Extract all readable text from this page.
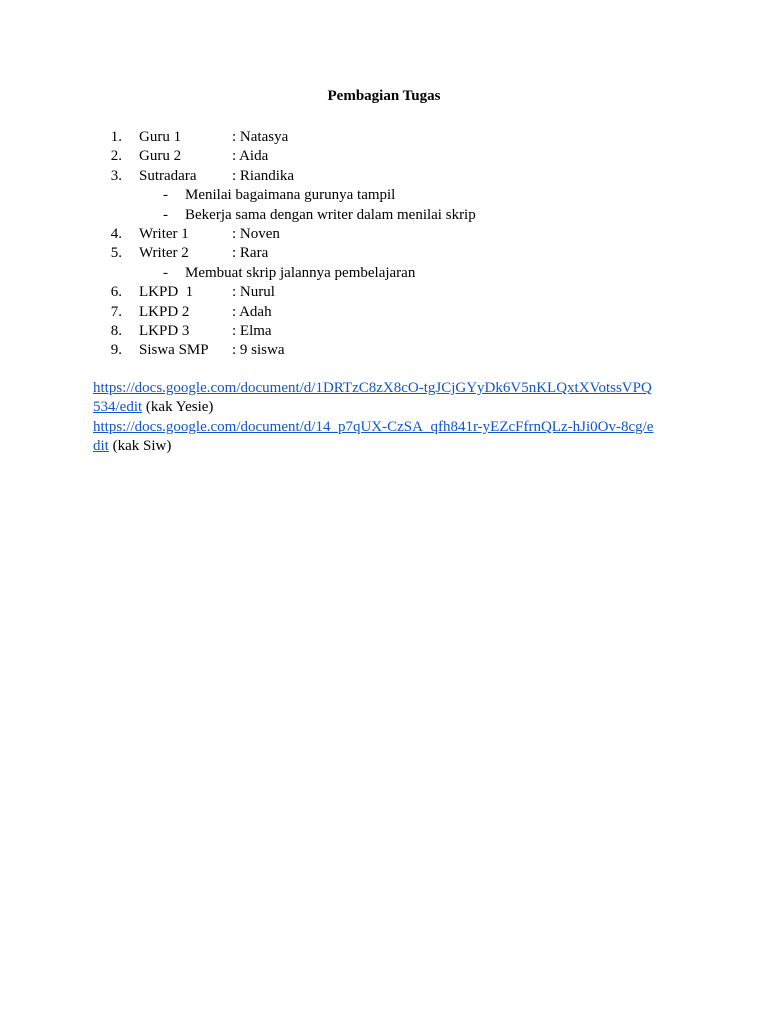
Pembagian Tugas
1. Guru 1	: Natasya
2. Guru 2	: Aida
3. Sutradara : Riandika
- Menilai bagaimana gurunya tampil
- Bekerja sama dengan writer dalam menilai skrip
4. Writer 1	: Noven
5. Writer 2	: Rara
- Membuat skrip jalannya pembelajaran
6. LKPD  1	: Nurul
7. LKPD 2	: Adah
8. LKPD 3	: Elma
9. Siswa SMP : 9 siswa
https://docs.google.com/document/d/1DRTzC8zX8cO-tgJCjGYyDk6V5nKLQxtXVotssVPQ
534/edit (kak Yesie)
https://docs.google.com/document/d/14_p7qUX-CzSA_qfh841r-yEZcFfrnQLz-hJi0Ov-8cg/e
dit (kak Siw)
